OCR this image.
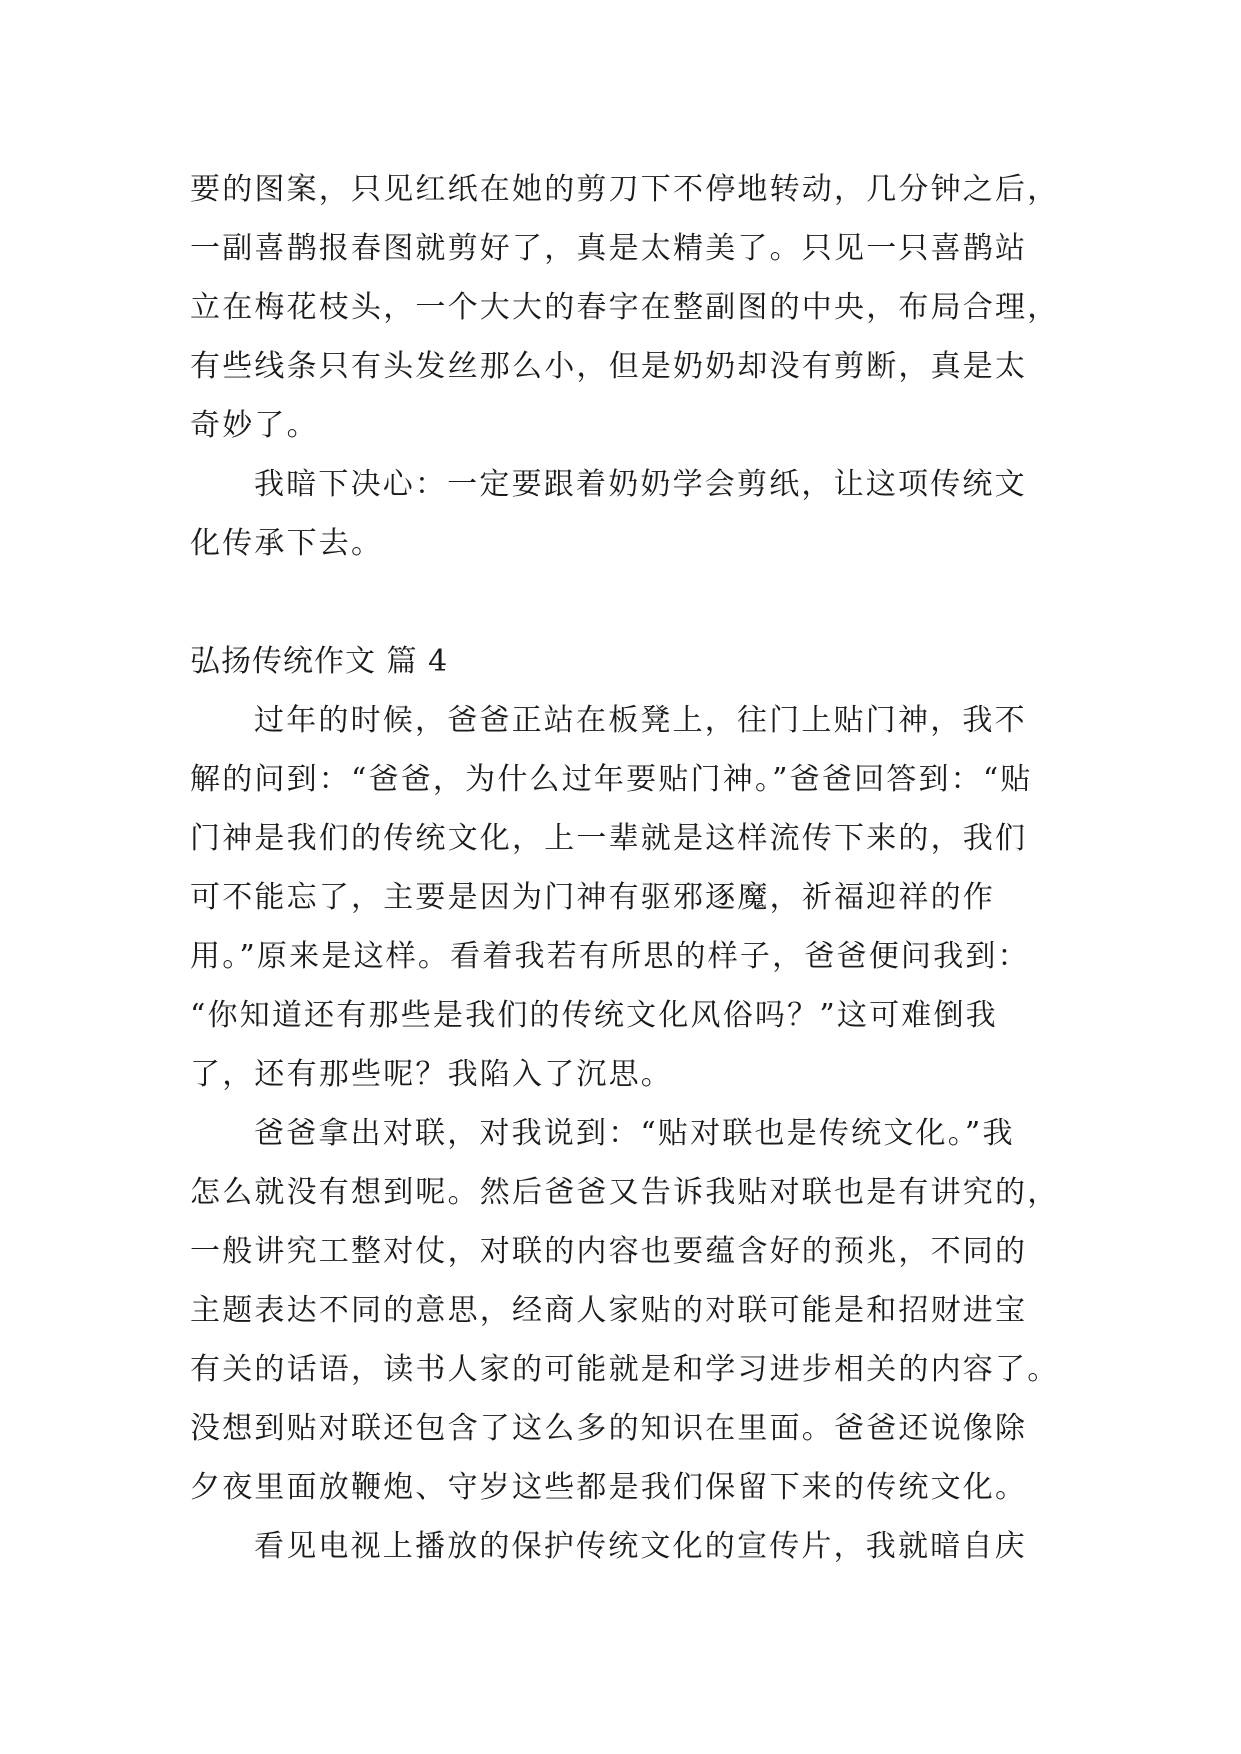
要的图案，只见红纸在她的剪刀下不停地转动，几分钟之后，
一副喜鹊报春图就剪好了，真是太精美了。只见一只喜鹊站
立在梅花枝头，一个大大的春字在整副图的中央，布局合理，
有些线条只有头发丝那么小，但是奶奶却没有剪断，真是太
奇妙了。
我暗下决心：一定要跟着奶奶学会剪纸，让这项传统文
化传承下去。
弘扬传统作文 篇 4
过年的时候，爸爸正站在板凳上，往门上贴门神，我不
解的问到：“爸爸，为什么过年要贴门神。”爸爸回答到：“贴
门神是我们的传统文化，上一辈就是这样流传下来的，我们
可不能忘了，主要是因为门神有驱邪逐魔，祈福迎祥的作
用。”原来是这样。看着我若有所思的样子，爸爸便问我到：
“你知道还有那些是我们的传统文化风俗吗？”这可难倒我
了，还有那些呢？我陷入了沉思。
爸爸拿出对联，对我说到：“贴对联也是传统文化。”我
怎么就没有想到呢。然后爸爸又告诉我贴对联也是有讲究的，
一般讲究工整对仗，对联的内容也要蕴含好的预兆，不同的
主题表达不同的意思，经商人家贴的对联可能是和招财进宝
有关的话语，读书人家的可能就是和学习进步相关的内容了。
没想到贴对联还包含了这么多的知识在里面。爸爸还说像除
夕夜里面放鞭炮、守岁这些都是我们保留下来的传统文化。
看见电视上播放的保护传统文化的宣传片，我就暗自庆
